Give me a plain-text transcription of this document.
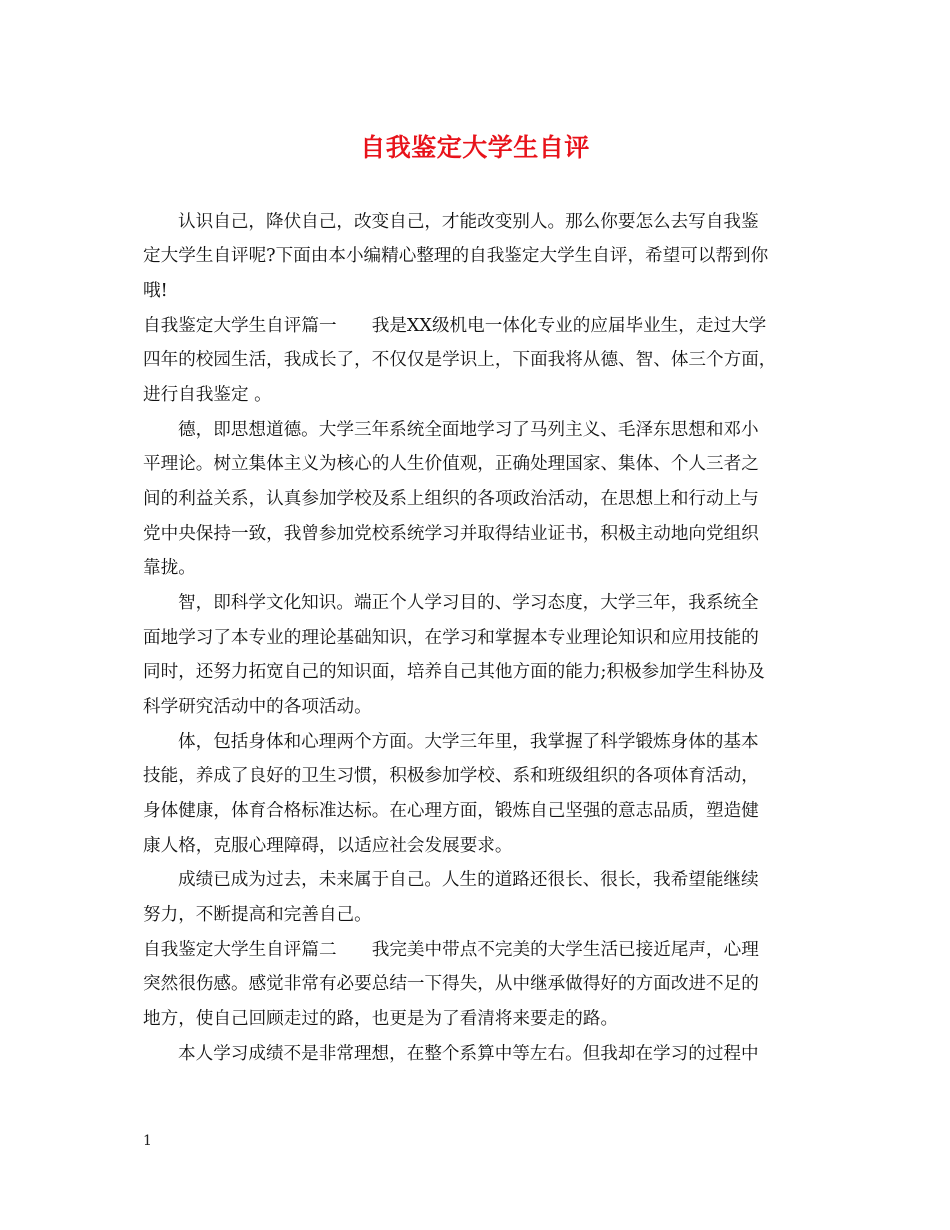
自我鉴定大学生自评
认识自己，降伏自己，改变自己，才能改变别人。那么你要怎么去写自我鉴
定大学生自评呢?下面由本小编精心整理的自我鉴定大学生自评，希望可以帮到你
哦!
自我鉴定大学生自评篇一　　我是XX级机电一体化专业的应届毕业生，走过大学
四年的校园生活，我成长了，不仅仅是学识上，下面我将从德、智、体三个方面，
进行自我鉴定 。
德，即思想道德。大学三年系统全面地学习了马列主义、毛泽东思想和邓小
平理论。树立集体主义为核心的人生价值观，正确处理国家、集体、个人三者之
间的利益关系，认真参加学校及系上组织的各项政治活动，在思想上和行动上与
党中央保持一致，我曾参加党校系统学习并取得结业证书，积极主动地向党组织
靠拢。
智，即科学文化知识。端正个人学习目的、学习态度，大学三年，我系统全
面地学习了本专业的理论基础知识，在学习和掌握本专业理论知识和应用技能的
同时，还努力拓宽自己的知识面，培养自己其他方面的能力;积极参加学生科协及
科学研究活动中的各项活动。
体，包括身体和心理两个方面。大学三年里，我掌握了科学锻炼身体的基本
技能，养成了良好的卫生习惯，积极参加学校、系和班级组织的各项体育活动，
身体健康，体育合格标准达标。在心理方面，锻炼自己坚强的意志品质，塑造健
康人格，克服心理障碍，以适应社会发展要求。
成绩已成为过去，未来属于自己。人生的道路还很长、很长，我希望能继续
努力，不断提高和完善自己。
自我鉴定大学生自评篇二　　我完美中带点不完美的大学生活已接近尾声，心理
突然很伤感。感觉非常有必要总结一下得失，从中继承做得好的方面改进不足的
地方，使自己回顾走过的路，也更是为了看清将来要走的路。
本人学习成绩不是非常理想，在整个系算中等左右。但我却在学习的过程中
1
